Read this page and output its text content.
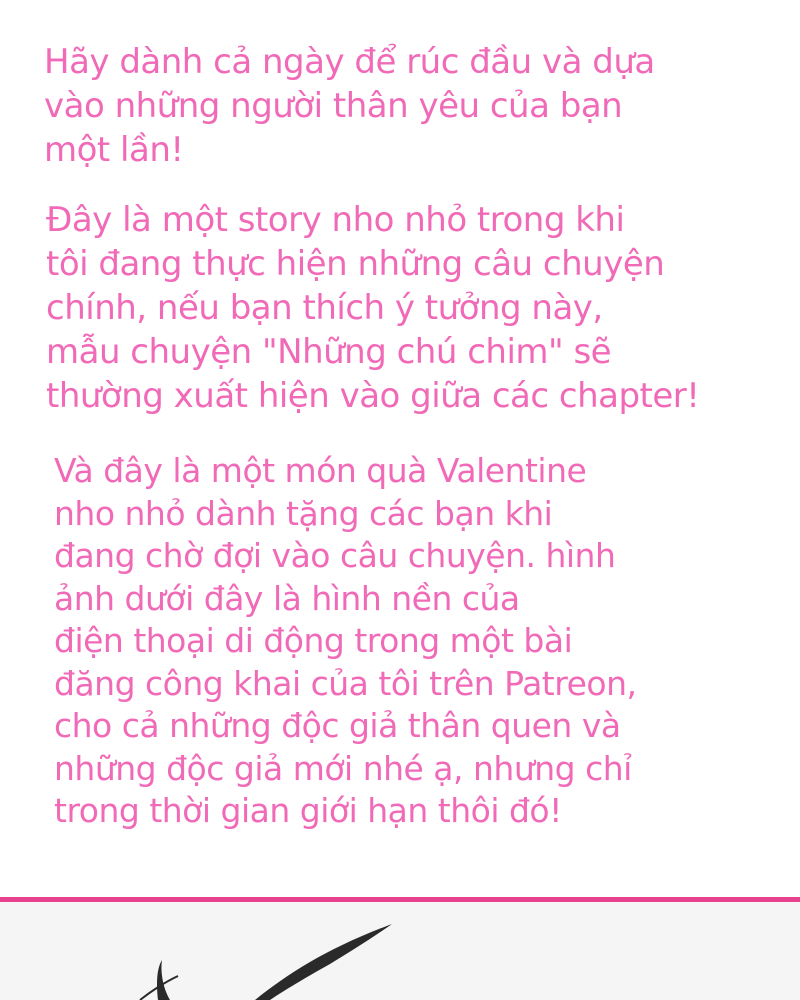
Hãy dành cả ngày để rúc đầu và dựa
vào những người thân yêu của bạn
một lần!
Đây là một story nho nhỏ trong khi
tôi đang thực hiện những câu chuyện
chính, nếu bạn thích ý tưởng này,
mẫu chuyện "Những chú chim" sẽ
thường xuất hiện vào giữa các chapter!
Và đây là một món quà Valentine
nho nhỏ dành tặng các bạn khi
đang chờ đợi vào câu chuyện. hình
ảnh dưới đây là hình nền của
điện thoại di động trong một bài
đăng công khai của tôi trên Patreon,
cho cả những độc giả thân quen và
những độc giả mới nhé ạ, nhưng chỉ
trong thời gian giới hạn thôi đó!
